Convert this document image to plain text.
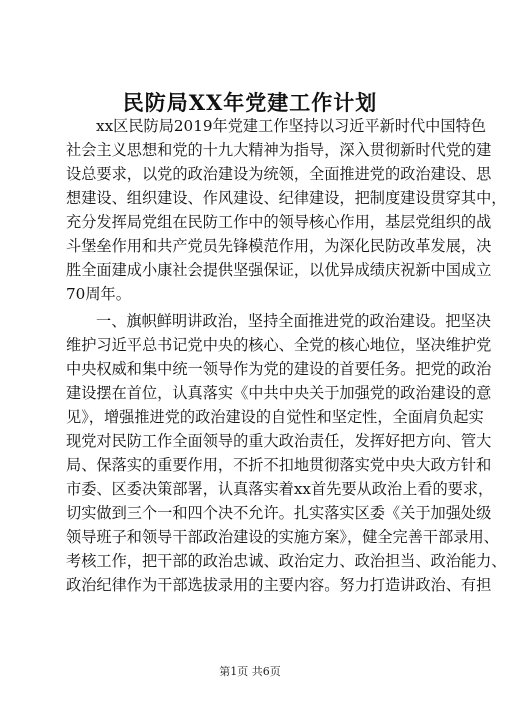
民防局XX年党建工作计划
xx区民防局2019年党建工作坚持以习近平新时代中国特色
社会主义思想和党的十九大精神为指导，深入贯彻新时代党的建
设总要求，以党的政治建设为统领，全面推进党的政治建设、思
想建设、组织建设、作风建设、纪律建设，把制度建设贯穿其中，
充分发挥局党组在民防工作中的领导核心作用，基层党组织的战
斗堡垒作用和共产党员先锋模范作用，为深化民防改革发展，决
胜全面建成小康社会提供坚强保证，以优异成绩庆祝新中国成立
70周年。
一、旗帜鲜明讲政治，坚持全面推进党的政治建设。把坚决
维护习近平总书记党中央的核心、全党的核心地位，坚决维护党
中央权威和集中统一领导作为党的建设的首要任务。把党的政治
建设摆在首位，认真落实《中共中央关于加强党的政治建设的意
见》，增强推进党的政治建设的自觉性和坚定性，全面肩负起实
现党对民防工作全面领导的重大政治责任，发挥好把方向、管大
局、保落实的重要作用，不折不扣地贯彻落实党中央大政方针和
市委、区委决策部署，认真落实着xx首先要从政治上看的要求，
切实做到三个一和四个决不允许。扎实落实区委《关于加强处级
领导班子和领导干部政治建设的实施方案》，健全完善干部录用、
考核工作，把干部的政治忠诚、政治定力、政治担当、政治能力、
政治纪律作为干部选拔录用的主要内容。努力打造讲政治、有担
第1页 共6页
